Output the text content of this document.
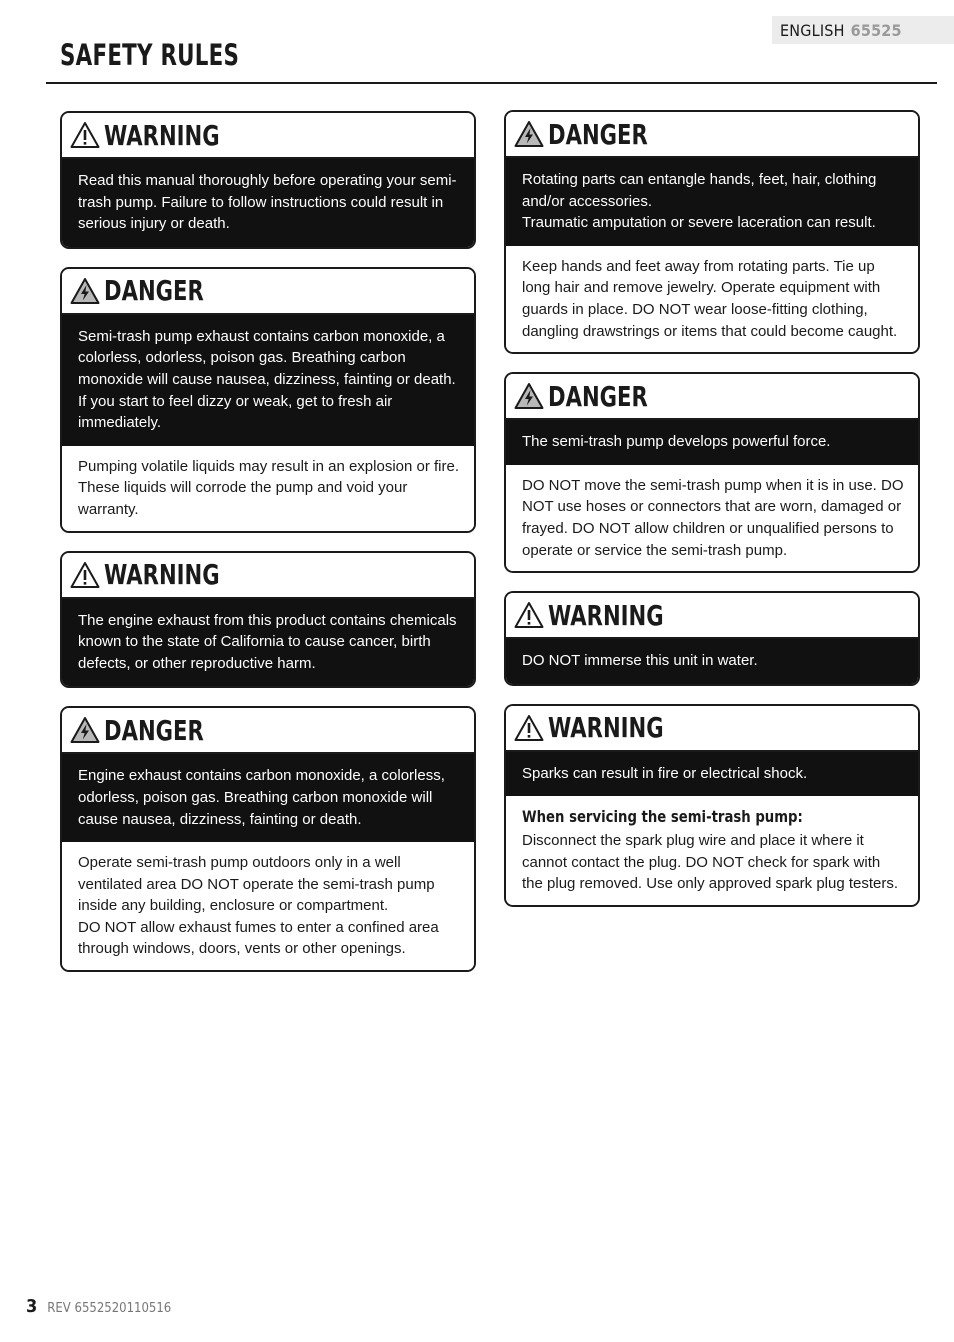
ENGLISH 65525
SAFETY RULES
WARNING
Read this manual thoroughly before operating your semi-trash pump. Failure to follow instructions could result in serious injury or death.
DANGER
Semi-trash pump exhaust contains carbon monoxide, a colorless, odorless, poison gas. Breathing carbon monoxide will cause nausea, dizziness, fainting or death. If you start to feel dizzy or weak, get to fresh air immediately.
Pumping volatile liquids may result in an explosion or fire. These liquids will corrode the pump and void your warranty.
WARNING
The engine exhaust from this product contains chemicals known to the state of California to cause cancer, birth defects, or other reproductive harm.
DANGER
Engine exhaust contains carbon monoxide, a colorless, odorless, poison gas. Breathing carbon monoxide will cause nausea, dizziness, fainting or death.
Operate semi-trash pump outdoors only in a well ventilated area DO NOT operate the semi-trash pump inside any building, enclosure or compartment.
DO NOT allow exhaust fumes to enter a confined area through windows, doors, vents or other openings.
DANGER
Rotating parts can entangle hands, feet, hair, clothing and/or accessories.
Traumatic amputation or severe laceration can result.
Keep hands and feet away from rotating parts. Tie up long hair and remove jewelry. Operate equipment with guards in place. DO NOT wear loose-fitting clothing, dangling drawstrings or items that could become caught.
DANGER
The semi-trash pump develops powerful force.
DO NOT move the semi-trash pump when it is in use. DO NOT use hoses or connectors that are worn, damaged or frayed. DO NOT allow children or unqualified persons to operate or service the semi-trash pump.
WARNING
DO NOT immerse this unit in water.
WARNING
Sparks can result in fire or electrical shock.
When servicing the semi-trash pump:
Disconnect the spark plug wire and place it where it cannot contact the plug. DO NOT check for spark with the plug removed. Use only approved spark plug testers.
3 REV 6552520110516
